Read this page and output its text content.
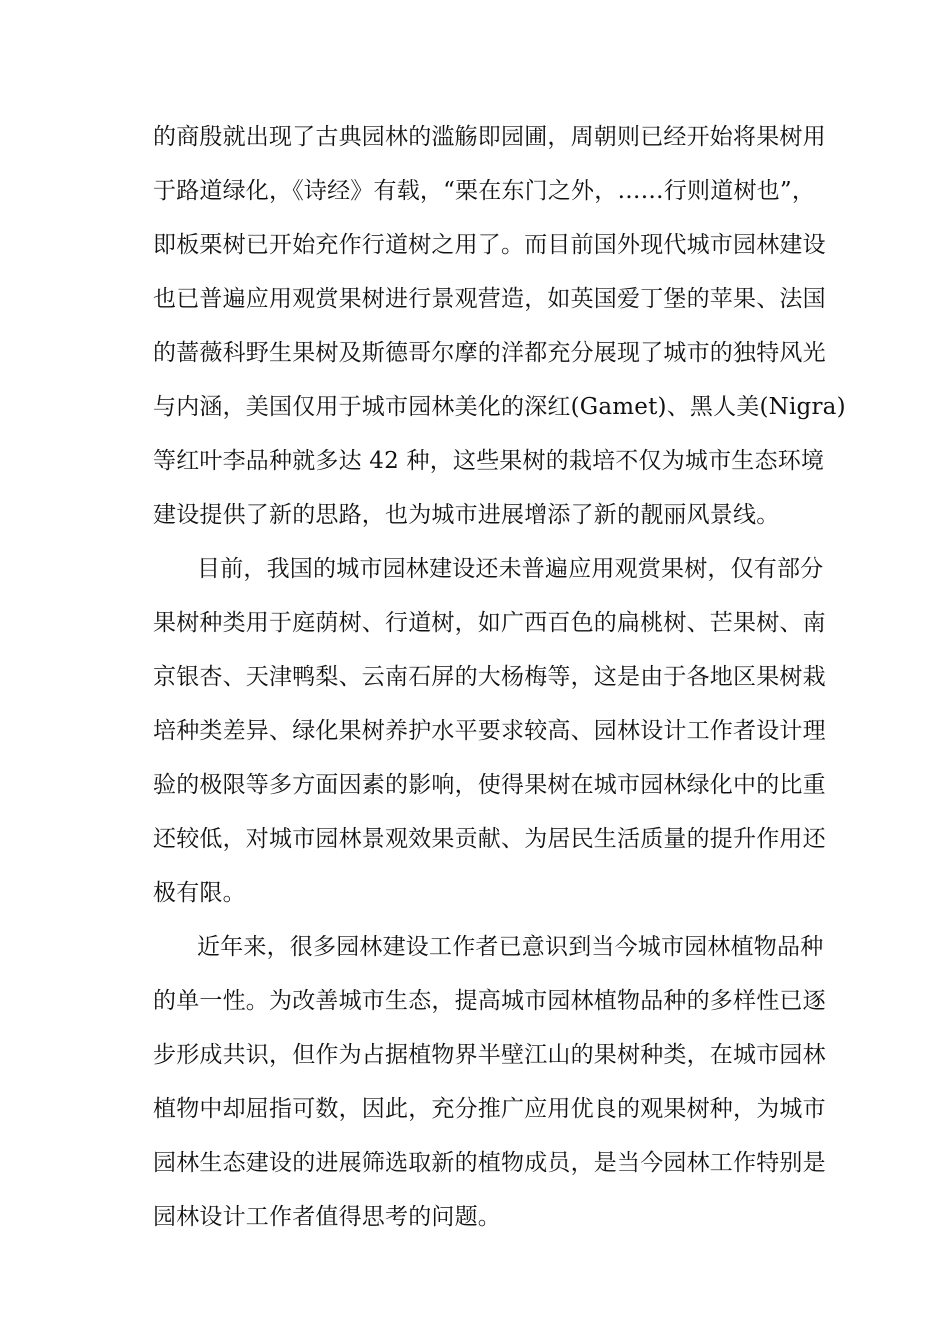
的商殷就出现了古典园林的滥觞即园圃，周朝则已经开始将果树用
于路道绿化，《诗经》有载，“栗在东门之外，……行则道树也”，
即板栗树已开始充作行道树之用了。而目前国外现代城市园林建设
也已普遍应用观赏果树进行景观营造，如英国爱丁堡的苹果、法国
的蔷薇科野生果树及斯德哥尔摩的洋都充分展现了城市的独特风光
与内涵，美国仅用于城市园林美化的深红(Gamet)、黑人美(Nigra)
等红叶李品种就多达 42 种，这些果树的栽培不仅为城市生态环境
建设提供了新的思路，也为城市进展增添了新的靓丽风景线。
目前，我国的城市园林建设还未普遍应用观赏果树，仅有部分
果树种类用于庭荫树、行道树，如广西百色的扁桃树、芒果树、南
京银杏、天津鸭梨、云南石屏的大杨梅等，这是由于各地区果树栽
培种类差异、绿化果树养护水平要求较高、园林设计工作者设计理
验的极限等多方面因素的影响，使得果树在城市园林绿化中的比重
还较低，对城市园林景观效果贡献、为居民生活质量的提升作用还
极有限。
近年来，很多园林建设工作者已意识到当今城市园林植物品种
的单一性。为改善城市生态，提高城市园林植物品种的多样性已逐
步形成共识，但作为占据植物界半壁江山的果树种类，在城市园林
植物中却屈指可数，因此，充分推广应用优良的观果树种，为城市
园林生态建设的进展筛选取新的植物成员，是当今园林工作特别是
园林设计工作者值得思考的问题。
